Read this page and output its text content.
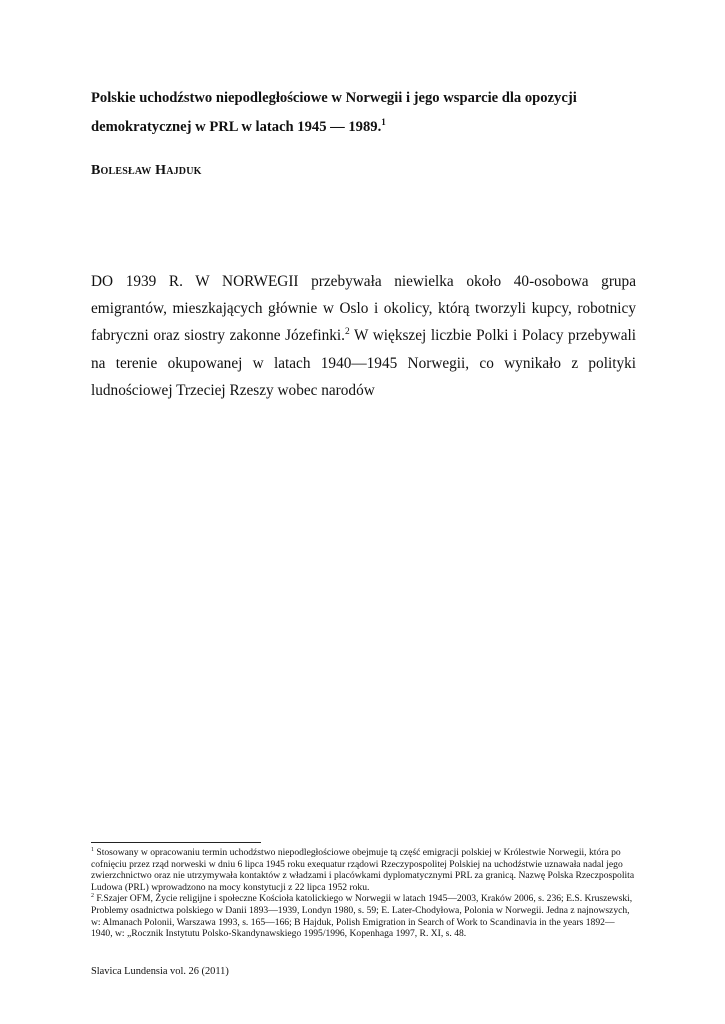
Polskie uchodźstwo niepodległościowe w Norwegii i jego wsparcie dla opozycji demokratycznej w PRL w latach 1945 — 1989.$^1$

Bolesław Hajduk

DO 1939 R. W NORWEGII przebywała niewielka około 40-osobowa grupa emigrantów, mieszkających głównie w Oslo i okolicy, którą tworzyli kupcy, robotnicy fabryczni oraz siostry zakonne Józefinki.$^2$ W większej liczbie Polki i Polacy przebywali na terenie okupowanej w latach 1940—1945 Norwegii, co wynikało z polityki ludnościowej Trzeciej Rzeszy wobec narodów

$^1$ Stosowany w opracowaniu termin uchodźstwo niepodległościowe obejmuje tą część emigracji polskiej w Królestwie Norwegii, która po cofnięciu przez rząd norweski w dniu 6 lipca 1945 roku exequatur rządowi Rzeczypospolitej Polskiej na uchodźstwie uznawała nadal jego zwierzchnictwo oraz nie utrzymywała kontaktów z władzami i placówkami dyplomatycznymi PRL za granicą. Nazwę Polska Rzeczpospolita Ludowa (PRL) wprowadzono na mocy konstytucji z 22 lipca 1952 roku.

$^2$ F.Szajer OFM, Życie religijne i społeczne Kościoła katolickiego w Norwegii w latach 1945—2003, Kraków 2006, s. 236; E.S. Kruszewski, Problemy osadnictwa polskiego w Danii 1893—1939, Londyn 1980, s. 59; E. Later-Chodyłowa, Polonia w Norwegii. Jedna z najnowszych, w: Almanach Polonii, Warszawa 1993, s. 165—166; B Hajduk, Polish Emigration in Search of Work to Scandinavia in the years 1892—1940, w: „Rocznik Instytutu Polsko-Skandynawskiego 1995/1996, Kopenhaga 1997, R. XI, s. 48.

Slavica Lundensia vol. 26 (2011)
